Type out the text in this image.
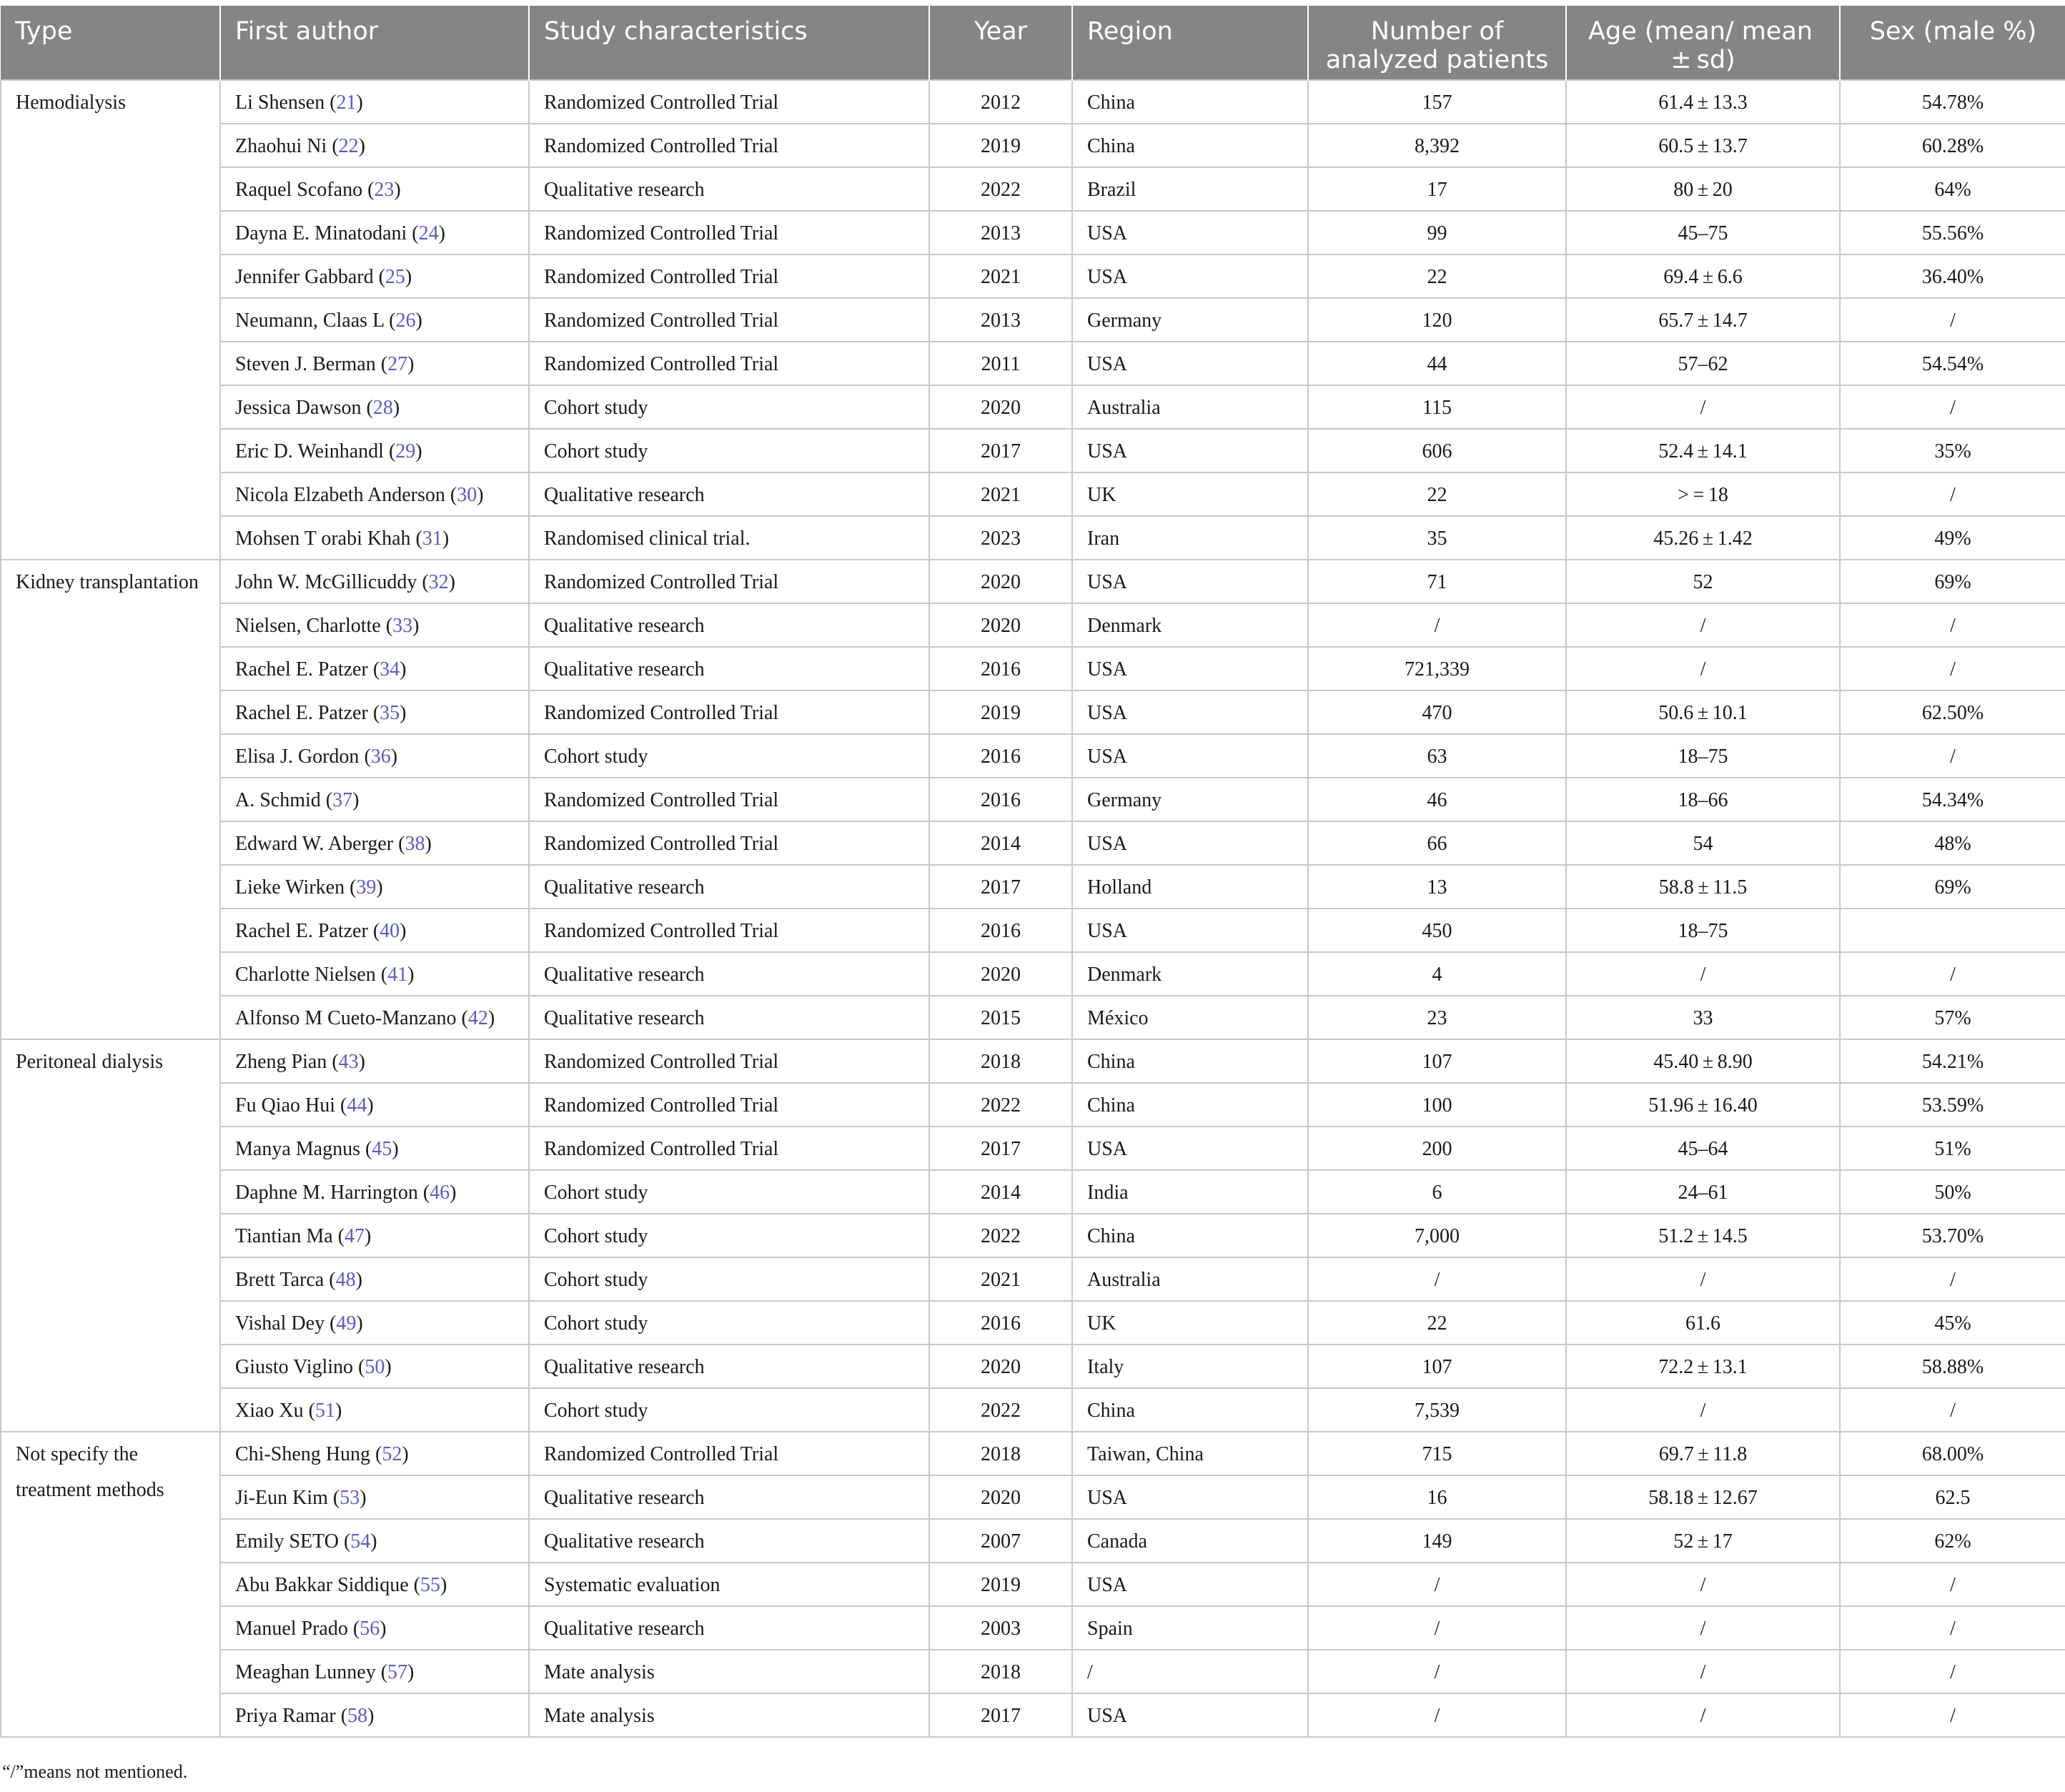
Type	First author	Study characteristics	Year	Region	Number of analyzed patients	Age (mean/ mean ± sd)	Sex (male %)
Hemodialysis	Li Shensen (21)	Randomized Controlled Trial	2012	China	157	61.4 ± 13.3	54.78%
	Zhaohui Ni (22)	Randomized Controlled Trial	2019	China	8,392	60.5 ± 13.7	60.28%
	Raquel Scofano (23)	Qualitative research	2022	Brazil	17	80 ± 20	64%
	Dayna E. Minatodani (24)	Randomized Controlled Trial	2013	USA	99	45–75	55.56%
	Jennifer Gabbard (25)	Randomized Controlled Trial	2021	USA	22	69.4 ± 6.6	36.40%
	Neumann, Claas L (26)	Randomized Controlled Trial	2013	Germany	120	65.7 ± 14.7	/
	Steven J. Berman (27)	Randomized Controlled Trial	2011	USA	44	57–62	54.54%
	Jessica Dawson (28)	Cohort study	2020	Australia	115	/	/
	Eric D. Weinhandl (29)	Cohort study	2017	USA	606	52.4 ± 14.1	35%
	Nicola Elzabeth Anderson (30)	Qualitative research	2021	UK	22	> = 18	/
	Mohsen T orabi Khah (31)	Randomised clinical trial.	2023	Iran	35	45.26 ± 1.42	49%
Kidney transplantation	John W. McGillicuddy (32)	Randomized Controlled Trial	2020	USA	71	52	69%
	Nielsen, Charlotte (33)	Qualitative research	2020	Denmark	/	/	/
	Rachel E. Patzer (34)	Qualitative research	2016	USA	721,339	/	/
	Rachel E. Patzer (35)	Randomized Controlled Trial	2019	USA	470	50.6 ± 10.1	62.50%
	Elisa J. Gordon (36)	Cohort study	2016	USA	63	18–75	/
	A. Schmid (37)	Randomized Controlled Trial	2016	Germany	46	18–66	54.34%
	Edward W. Aberger (38)	Randomized Controlled Trial	2014	USA	66	54	48%
	Lieke Wirken (39)	Qualitative research	2017	Holland	13	58.8 ± 11.5	69%
	Rachel E. Patzer (40)	Randomized Controlled Trial	2016	USA	450	18–75	
	Charlotte Nielsen (41)	Qualitative research	2020	Denmark	4	/	/
	Alfonso M Cueto-Manzano (42)	Qualitative research	2015	México	23	33	57%
Peritoneal dialysis	Zheng Pian (43)	Randomized Controlled Trial	2018	China	107	45.40 ± 8.90	54.21%
	Fu Qiao Hui (44)	Randomized Controlled Trial	2022	China	100	51.96 ± 16.40	53.59%
	Manya Magnus (45)	Randomized Controlled Trial	2017	USA	200	45–64	51%
	Daphne M. Harrington (46)	Cohort study	2014	India	6	24–61	50%
	Tiantian Ma (47)	Cohort study	2022	China	7,000	51.2 ± 14.5	53.70%
	Brett Tarca (48)	Cohort study	2021	Australia	/	/	/
	Vishal Dey (49)	Cohort study	2016	UK	22	61.6	45%
	Giusto Viglino (50)	Qualitative research	2020	Italy	107	72.2 ± 13.1	58.88%
	Xiao Xu (51)	Cohort study	2022	China	7,539	/	/
Not specify the treatment methods	Chi-Sheng Hung (52)	Randomized Controlled Trial	2018	Taiwan, China	715	69.7 ± 11.8	68.00%
	Ji-Eun Kim (53)	Qualitative research	2020	USA	16	58.18 ± 12.67	62.5
	Emily SETO (54)	Qualitative research	2007	Canada	149	52 ± 17	62%
	Abu Bakkar Siddique (55)	Systematic evaluation	2019	USA	/	/	/
	Manuel Prado (56)	Qualitative research	2003	Spain	/	/	/
	Meaghan Lunney (57)	Mate analysis	2018	/	/	/	/
	Priya Ramar (58)	Mate analysis	2017	USA	/	/	/
“/”means not mentioned.
